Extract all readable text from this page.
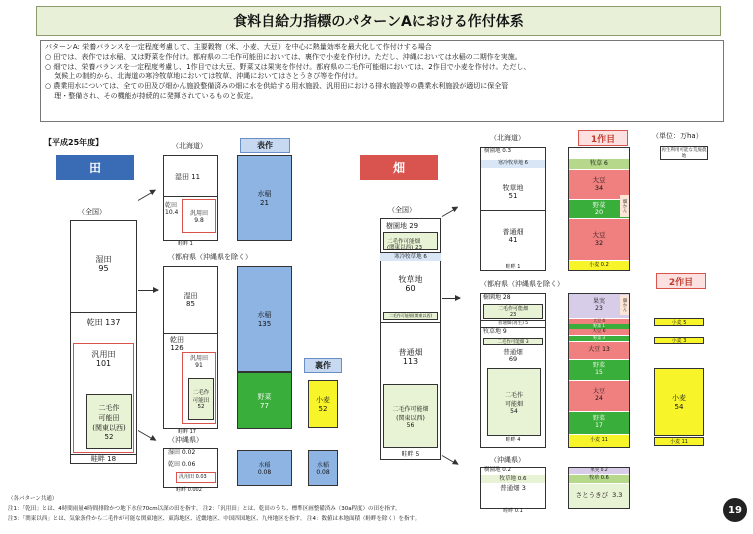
食料自給力指標のパターンAにおける作付体系
パターンA: 栄養バランスを一定程度考慮して、主要穀物（米、小麦、大豆）を中心に熱量効率を最大化して作付けする場合
○ 田では、表作では水稲、又は野菜を作付け。都府県の二毛作可能田においては、裏作で小麦を作付け。ただし、沖縄においては水稲の二期作を実施。
○ 畑では、栄養バランスを一定程度考慮し、1作目では大豆、野菜又は果実を作付け。都府県の二毛作可能畑においては、2作目で小麦を作付け。ただし、
　 気候上の制約から、北海道の寒冷牧草地においては牧草、沖縄においてはさとうきび等を作付け。
○ 農業用水については、全ての田及び畑かん施設整備済みの畑に水を供給する用水施設、汎用田における排水施設等の農業水利施設が適切に保全管
　 理・整備され、その機能が持続的に発揮されているものと仮定。
【平成25年度】
田
（全国）
湿田
95
乾田 137
汎用田
101
二毛作
可能田
(関東以西)
52
畦畔 18
（北海道）	表作
湿田 11
乾田
10.4 汎用田
9.8
畦畔 1
水稲
21
（都府県（沖縄県を除く）
湿田
85
乾田
126
汎用田
91
二毛作
可能田
52
畦畔 17
水稲
135
野菜
77
裏作
小麦
52
（沖縄県）
湿田 0.02
乾田 0.06
汎用田 0.03
畦畔 0.002
水稲
0.08
水稲
0.08
畑
（全国）
樹園地 29

二毛作可能畑
(関東以西) 23

寒冷牧草地 6
牧草地
60
二毛作可能畑(関東以西)
普通畑
113
二毛作可能畑
(関東以西)
56
畦畔 5
（北海道）	1作目	（単位：万ha）
再生利用可能な荒廃農地
樹園地 0.3
寒冷牧草地 6
牧草地
51
普通畑
41
畦畔 1
牧草 6
大豆
34
野菜
20
大豆
32
小麦 0.2
畑かん
（都府県（沖縄県を除く）	2作目
樹園地 28
二毛作可能畑
23
普通畑(再生) 5
牧草地 9
二毛作可能畑 3
普通畑
69
二毛作
可能畑
54
畦畔 4
果実
23
大豆 4
野菜 1
大豆 6
野菜 3
大豆 13
野菜
15
大豆
24
野菜
17
小麦 11
畑かん
小麦 5
小麦 3
小麦
54
小麦 11
（沖縄県）
樹園地 0.2
牧草地 0.6
普通畑 3
畦畔 0.1
果実 0.2
牧草 0.6
さとうきび 3.3
（各パターン共通）
注1：「乾田」とは、4時間雨量4時間排除かつ地下水位70cm以深の田を指す。 注2：「汎用田」とは、乾田のうち、標準区画整備済み（30a程度）の田を指す。
注3：「関東以西」とは、気象条件から二毛作が可能な関東地区、東海地区、近畿地区、中国四国地区、九州地区を指す。 注4：数値は本地面積（畦畔を除く）を指す。
19
